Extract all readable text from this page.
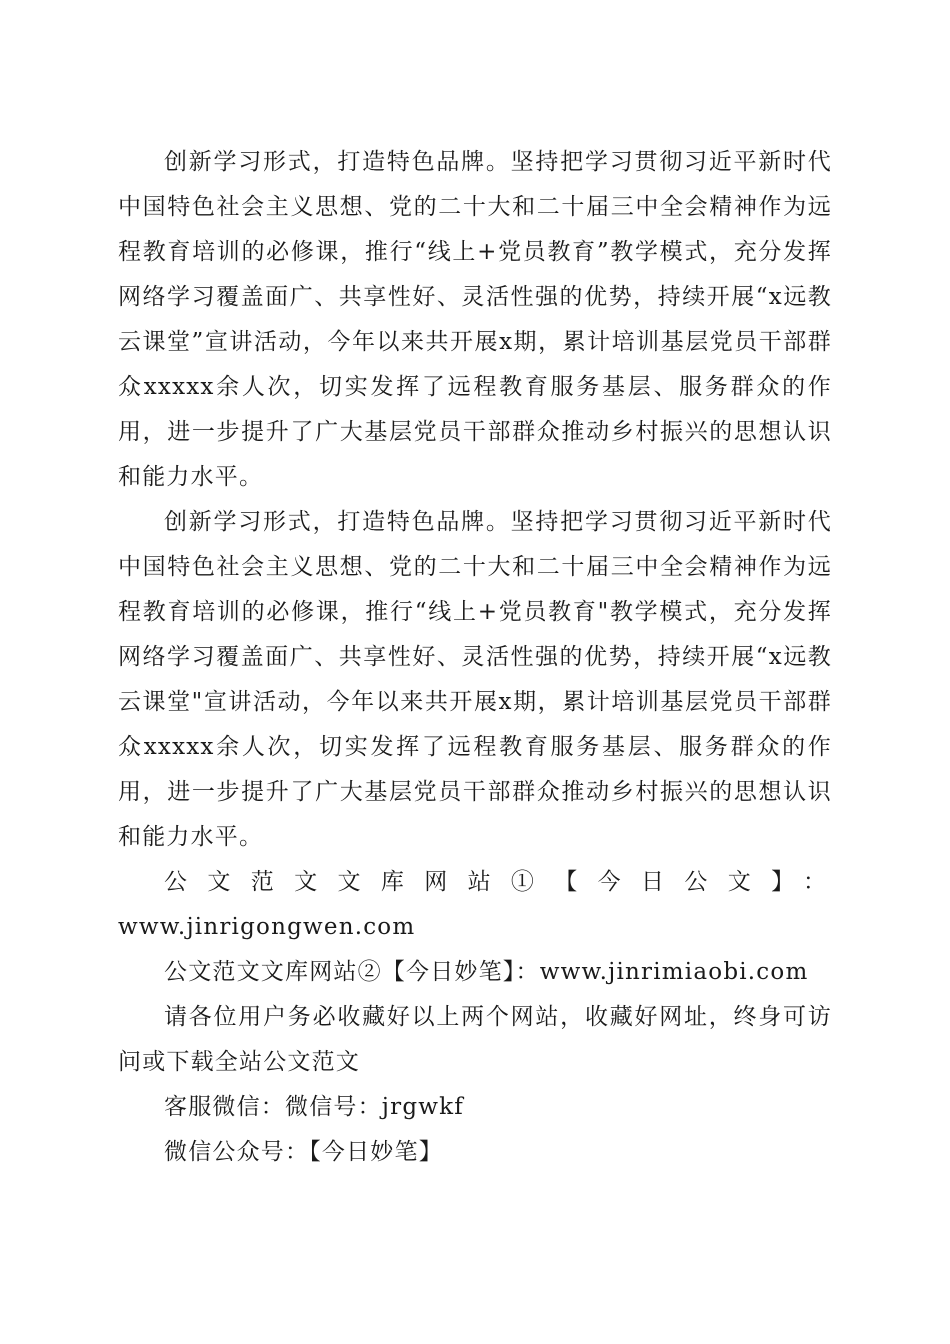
创新学习形式，打造特色品牌。坚持把学习贯彻习近平新时代中国特色社会主义思想、党的二十大和二十届三中全会精神作为远程教育培训的必修课，推行“线上+党员教育”教学模式，充分发挥网络学习覆盖面广、共享性好、灵活性强的优势，持续开展“x远教云课堂”宣讲活动，今年以来共开展x期，累计培训基层党员干部群众xxxxx余人次，切实发挥了远程教育服务基层、服务群众的作用，进一步提升了广大基层党员干部群众推动乡村振兴的思想认识和能力水平。

创新学习形式，打造特色品牌。坚持把学习贯彻习近平新时代中国特色社会主义思想、党的二十大和二十届三中全会精神作为远程教育培训的必修课，推行“线上+党员教育"教学模式，充分发挥网络学习覆盖面广、共享性好、灵活性强的优势，持续开展“x远教云课堂"宣讲活动，今年以来共开展x期，累计培训基层党员干部群众xxxxx余人次，切实发挥了远程教育服务基层、服务群众的作用，进一步提升了广大基层党员干部群众推动乡村振兴的思想认识和能力水平。

公文范文文库网站①【今日公文】：

www.jinrigongwen.com

公文范文文库网站②【今日妙笔】：www.jinrimiaobi.com

请各位用户务必收藏好以上两个网站，收藏好网址，终身可访问或下载全站公文范文

客服微信：微信号：jrgwkf

微信公众号：【今日妙笔】
